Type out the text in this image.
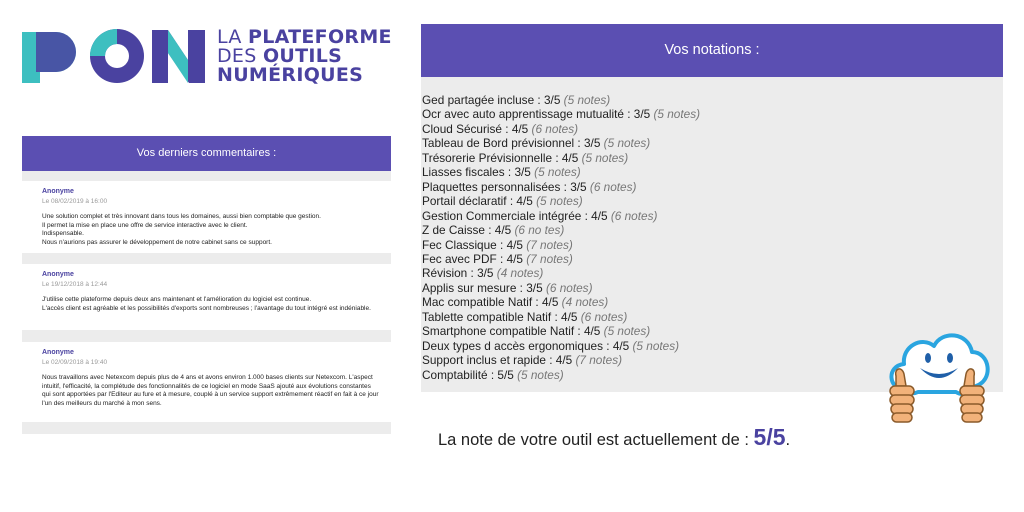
LA PLATEFORME
DES OUTILS
NUMÉRIQUES
Vos derniers commentaires :
Anonyme
Le 08/02/2019 à 16:00
Une solution complet et très innovant dans tous les domaines, aussi bien comptable que gestion.
Il permet la mise en place une offre de service interactive avec le client.
Indispensable.
Nous n'aurions pas assurer le développement de notre cabinet sans ce support.
Anonyme
Le 19/12/2018 à 12:44
J'utilise cette plateforme depuis deux ans maintenant et l'amélioration du logiciel est continue.
L'accès client est agréable et les possibilités d'exports sont nombreuses ; l'avantage du tout intégré est indéniable.
Anonyme
Le 02/09/2018 à 19:40
Nous travaillons avec Netexcom depuis plus de 4 ans et avons environ 1.000 bases clients sur Netexcom. L'aspect intuitif, l'efficacité, la complétude des fonctionnalités de ce logiciel en mode SaaS ajouté aux évolutions constantes qui sont apportées par l'Editeur au fure et à mesure, couplé à un service support extrêmement réactif en fait à ce jour l'un des meilleurs du marché à mon sens.
Vos notations :
Ged partagée incluse : 3/5 (5 notes)
Ocr avec auto apprentissage mutualité : 3/5 (5 notes)
Cloud Sécurisé : 4/5 (6 notes)
Tableau de Bord prévisionnel : 3/5 (5 notes)
Trésorerie Prévisionnelle : 4/5 (5 notes)
Liasses fiscales : 3/5 (5 notes)
Plaquettes personnalisées : 3/5 (6 notes)
Portail déclaratif : 4/5 (5 notes)
Gestion Commerciale intégrée : 4/5 (6 notes)
Z de Caisse : 4/5 (6 no tes)
Fec Classique : 4/5 (7 notes)
Fec avec PDF : 4/5 (7 notes)
Révision : 3/5 (4 notes)
Applis sur mesure : 3/5 (6 notes)
Mac compatible Natif : 4/5 (4 notes)
Tablette compatible Natif : 4/5 (6 notes)
Smartphone compatible Natif : 4/5 (5 notes)
Deux types d accès ergonomiques : 4/5 (5 notes)
Support inclus et rapide : 4/5 (7 notes)
Comptabilité : 5/5 (5 notes)
La note de votre outil est actuellement de : 5/5.
